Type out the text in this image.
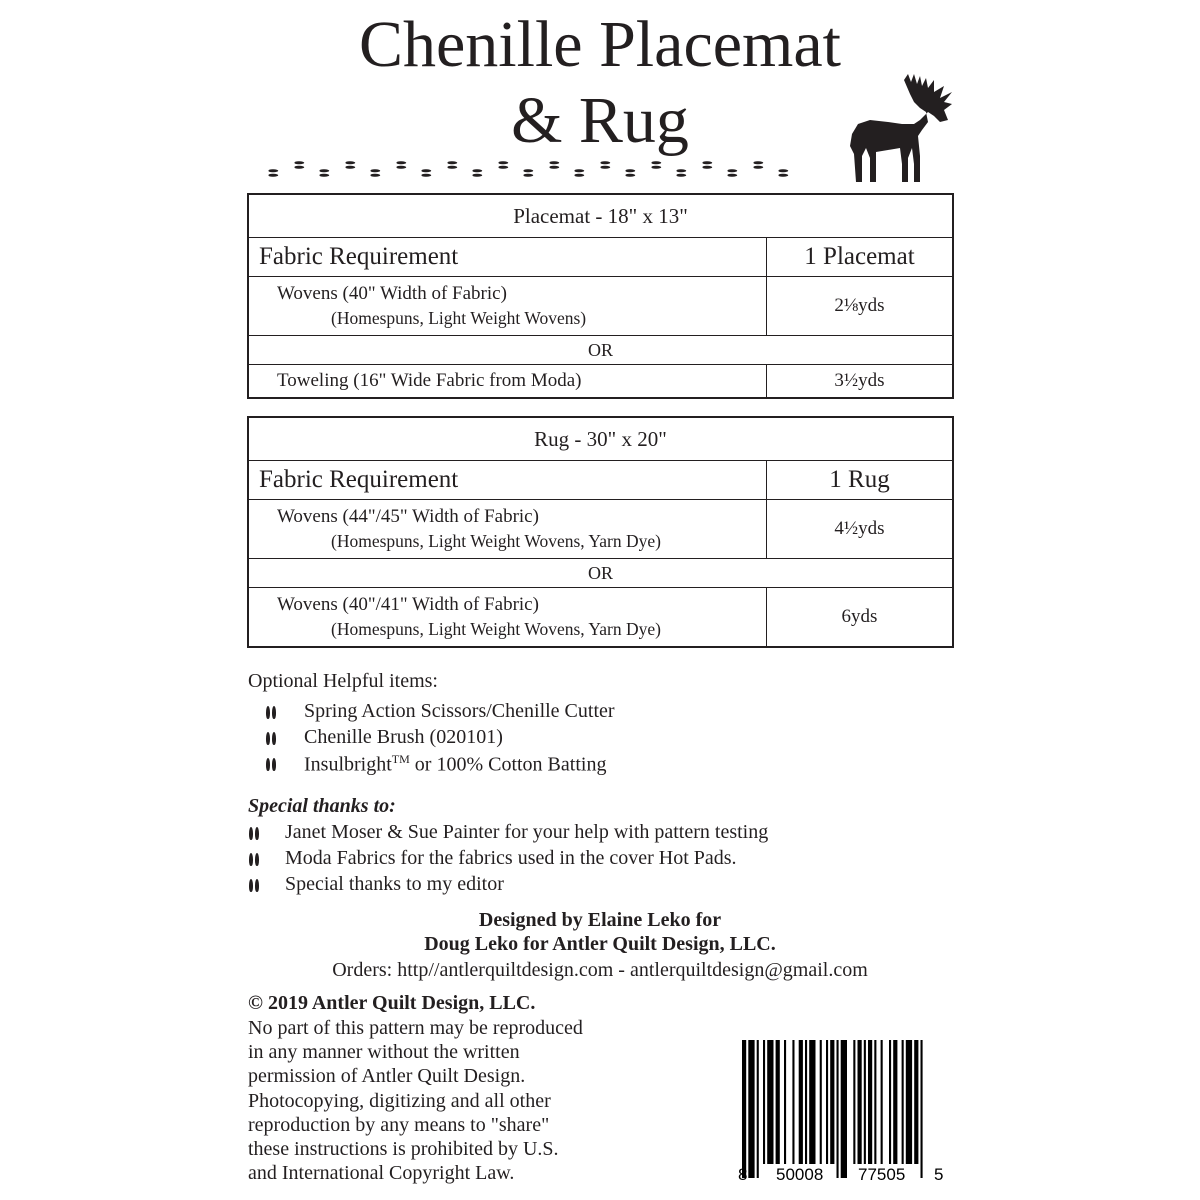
Chenille Placemat
& Rug
Placemat - 18" x 13"	
Fabric Requirement	1 Placemat
Wovens (40" Width of Fabric)
(Homespuns, Light Weight Wovens)	2⅛yds
OR	
Toweling (16" Wide Fabric from Moda)	3½yds
Rug - 30" x 20"	
Fabric Requirement	1 Rug
Wovens (44"/45" Width of Fabric)
(Homespuns, Light Weight Wovens, Yarn Dye)	4½yds
OR	
Wovens (40"/41" Width of Fabric)
(Homespuns, Light Weight Wovens, Yarn Dye)	6yds
Optional Helpful items:
Spring Action Scissors/Chenille Cutter
Chenille Brush (020101)
Insulbright™ or 100% Cotton Batting
Special thanks to:
Janet Moser & Sue Painter for your help with pattern testing
Moda Fabrics for the fabrics used in the cover Hot Pads.
Special thanks to my editor
Designed by Elaine Leko for
Doug Leko for Antler Quilt Design, LLC.
Orders: http//antlerquiltdesign.com - antlerquiltdesign@gmail.com
© 2019 Antler Quilt Design, LLC.
No part of this pattern may be reproduced
in any manner without the written
permission of Antler Quilt Design.
Photocopying, digitizing and all other
reproduction by any means to "share"
these instructions is prohibited by U.S.
and International Copyright Law.	8 50008 77505 5
